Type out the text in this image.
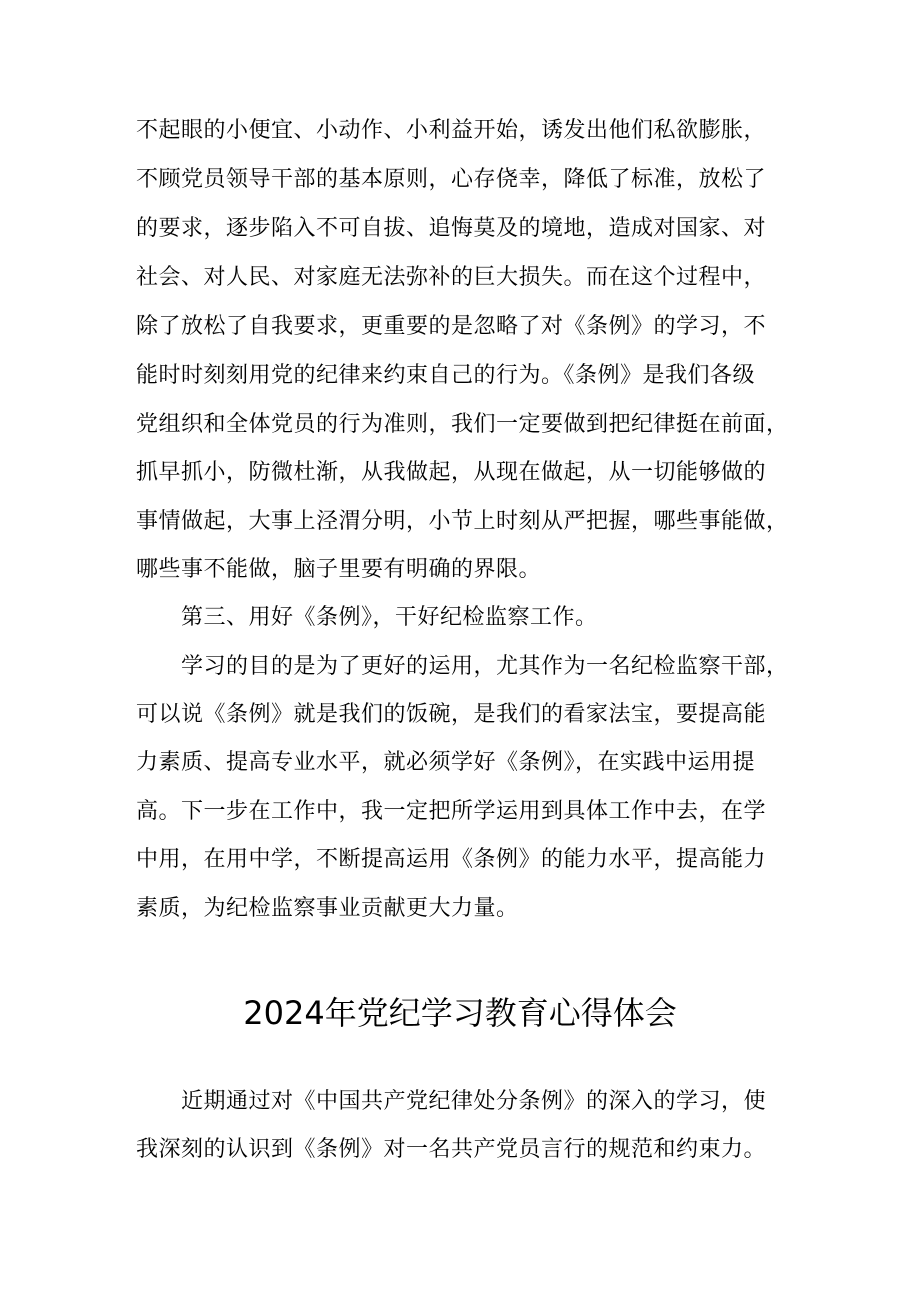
不起眼的小便宜、小动作、小利益开始，诱发出他们私欲膨胀，
不顾党员领导干部的基本原则，心存侥幸，降低了标准，放松了
的要求，逐步陷入不可自拔、追悔莫及的境地，造成对国家、对
社会、对人民、对家庭无法弥补的巨大损失。而在这个过程中，
除了放松了自我要求，更重要的是忽略了对《条例》的学习，不
能时时刻刻用党的纪律来约束自己的行为。《条例》是我们各级
党组织和全体党员的行为准则，我们一定要做到把纪律挺在前面，
抓早抓小，防微杜渐，从我做起，从现在做起，从一切能够做的
事情做起，大事上泾渭分明，小节上时刻从严把握，哪些事能做，
哪些事不能做，脑子里要有明确的界限。
　　第三、用好《条例》，干好纪检监察工作。
　　学习的目的是为了更好的运用，尤其作为一名纪检监察干部，
可以说《条例》就是我们的饭碗，是我们的看家法宝，要提高能
力素质、提高专业水平，就必须学好《条例》，在实践中运用提
高。下一步在工作中，我一定把所学运用到具体工作中去，在学
中用，在用中学，不断提高运用《条例》的能力水平，提高能力
素质，为纪检监察事业贡献更大力量。
2024年党纪学习教育心得体会
　　近期通过对《中国共产党纪律处分条例》的深入的学习，使
我深刻的认识到《条例》对一名共产党员言行的规范和约束力。
